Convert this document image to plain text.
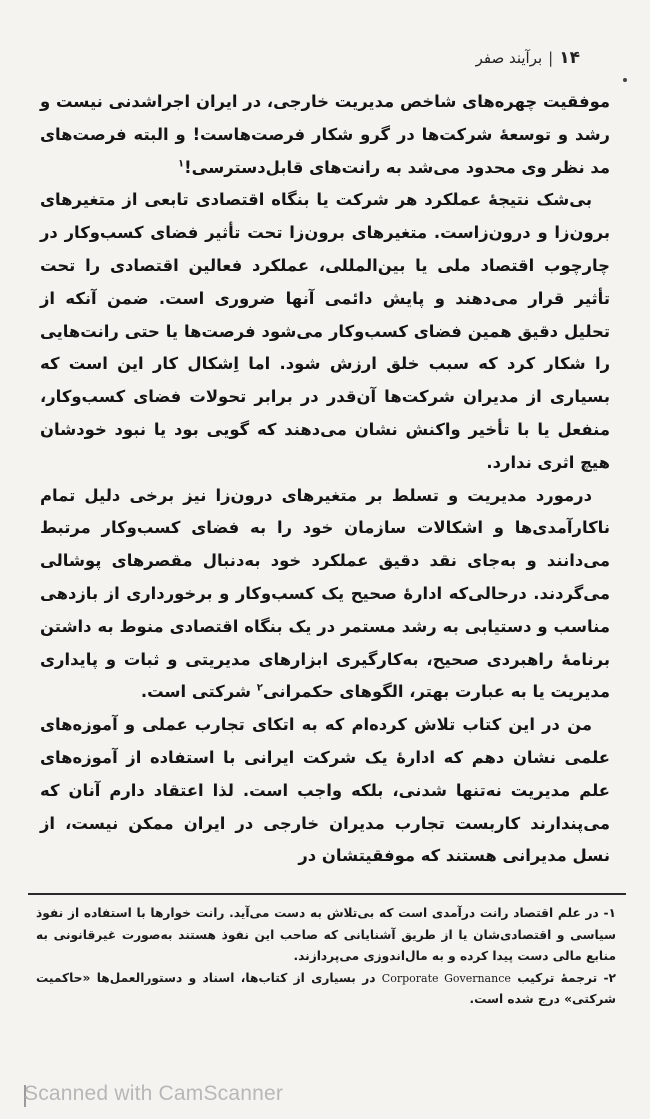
۱۴
|
برآیند صفر

موفقیت چهره‌های شاخص مدیریت خارجی، در ایران اجراشدنی نیست و رشد و توسعهٔ شرکت‌ها در گرو شکار فرصت‌هاست! و البته فرصت‌های مد نظر وی محدود می‌شد به رانت‌های قابل‌دسترسی!$^۱$

بی‌شک نتیجهٔ عملکرد هر شرکت یا بنگاه اقتصادی تابعی از متغیرهای برون‌زا و درون‌زاست. متغیرهای برون‌زا تحت تأثیر فضای کسب‌وکار در چارچوب اقتصاد ملی یا بین‌المللی، عملکرد فعالین اقتصادی را تحت تأثیر قرار می‌دهند و پایش دائمی آنها ضروری است. ضمن آنکه از تحلیل دقیق همین فضای کسب‌وکار می‌شود فرصت‌ها یا حتی رانت‌هایی را شکار کرد که سبب خلق ارزش شود. اما اِشکال کار این است که بسیاری از مدیران شرکت‌ها آن‌قدر در برابر تحولات فضای کسب‌وکار، منفعل یا با تأخیر واکنش نشان می‌دهند که گویی بود یا نبود خودشان هیچ اثری ندارد.

درمورد مدیریت و تسلط بر متغیرهای درون‌زا نیز برخی دلیل تمام ناکارآمدی‌ها و اشکالات سازمان خود را به فضای کسب‌وکار مرتبط می‌دانند و به‌جای نقد دقیق عملکرد خود به‌دنبال مقصرهای پوشالی می‌گردند. درحالی‌که ادارهٔ صحیح یک کسب‌وکار و برخورداری از بازدهی مناسب و دستیابی به رشد مستمر در یک بنگاه اقتصادی منوط به داشتن برنامهٔ راهبردی صحیح، به‌کارگیری ابزارهای مدیریتی و ثبات و پایداری مدیریت یا به عبارت بهتر، الگوهای حکمرانی$^۲$ شرکتی است.

من در این کتاب تلاش کرده‌ام که به اتکای تجارب عملی و آموزه‌های علمی نشان دهم که ادارهٔ یک شرکت ایرانی با استفاده از آموزه‌های علم مدیریت نه‌تنها شدنی، بلکه واجب است. لذا اعتقاد دارم آنان که می‌پندارند کاربست تجارب مدیران خارجی در ایران ممکن نیست، از نسل مدیرانی هستند که موفقیتشان در

۱- در علم اقتصاد رانت درآمدی است که بی‌تلاش به دست می‌آید. رانت خوارها با استفاده از نفوذ سیاسی و اقتصادی‌شان یا از طریق آشنایانی که صاحب این نفوذ هستند به‌صورت غیرقانونی به منابع مالی دست پیدا کرده و به مال‌اندوزی می‌پردازند.

۲- ترجمهٔ ترکیب Corporate Governance در بسیاری از کتاب‌ها، اسناد و دستورالعمل‌ها «حاکمیت شرکتی» درج شده است.

Scanned with CamScanner
